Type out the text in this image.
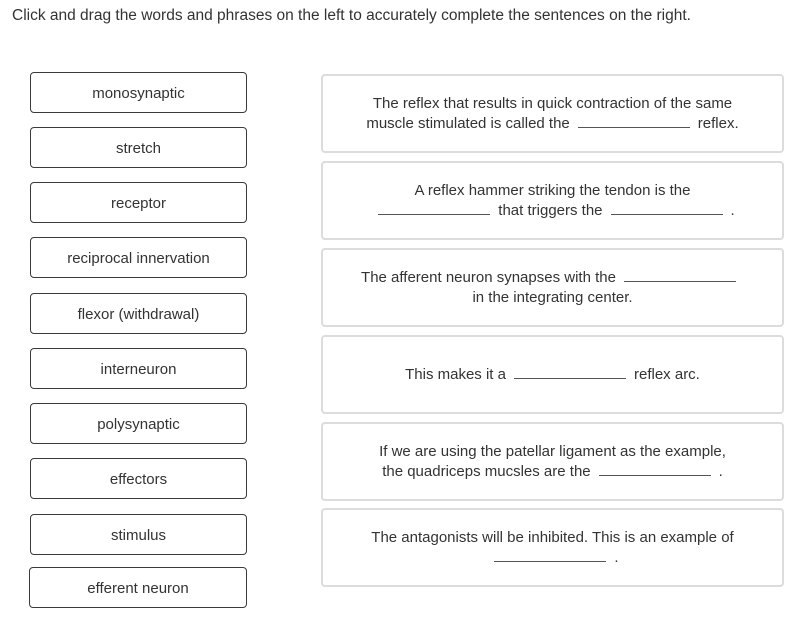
Click and drag the words and phrases on the left to accurately complete the sentences on the right.
monosynaptic
stretch
receptor
reciprocal innervation
flexor (withdrawal)
interneuron
polysynaptic
effectors
stimulus
efferent neuron
The reflex that results in quick contraction of the same
muscle stimulated is called the	reflex.
A reflex hammer striking the tendon is the
that triggers the	.
The afferent neuron synapses with the
in the integrating center.
This makes it a	reflex arc.
If we are using the patellar ligament as the example,
the quadriceps mucsles are the	.
The antagonists will be inhibited. This is an example of
.
